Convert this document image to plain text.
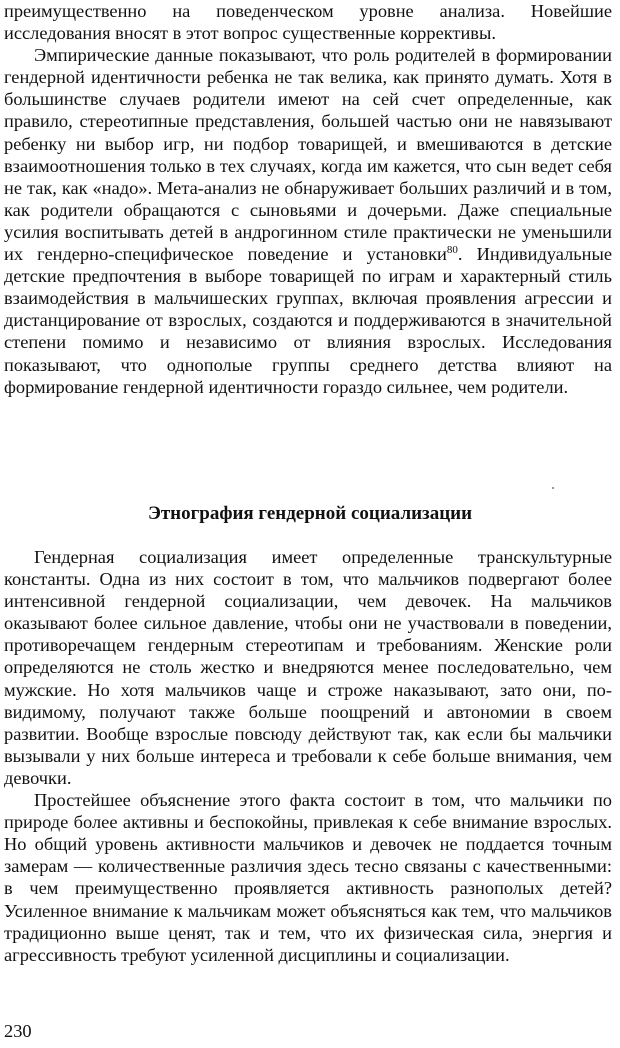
преимущественно на поведенческом уровне анализа. Новейшие исследования вносят в этот вопрос существенные коррективы.

Эмпирические данные показывают, что роль родителей в формировании гендерной идентичности ребенка не так велика, как принято думать. Хотя в большинстве случаев родители имеют на сей счет определенные, как правило, стереотипные представления, большей частью они не навязывают ребенку ни выбор игр, ни подбор товарищей, и вмешиваются в детские взаимоотношения только в тех случаях, когда им кажется, что сын ведет себя не так, как «надо». Мета-анализ не обнаруживает больших различий и в том, как родители обращаются с сыновьями и дочерьми. Даже специальные усилия воспитывать детей в андрогинном стиле практически не уменьшили их гендерно-специфическое поведение и установки$^{80}$. Индивидуальные детские предпочтения в выборе товарищей по играм и характерный стиль взаимодействия в мальчишеских группах, включая проявления агрессии и дистанцирование от взрослых, создаются и поддерживаются в значительной степени помимо и независимо от влияния взрослых. Исследования показывают, что однополые группы среднего детства влияют на формирование гендерной идентичности гораздо сильнее, чем родители.

Этнография гендерной социализации

Гендерная социализация имеет определенные транскультурные константы. Одна из них состоит в том, что мальчиков подвергают более интенсивной гендерной социализации, чем девочек. На мальчиков оказывают более сильное давление, чтобы они не участвовали в поведении, противоречащем гендерным стереотипам и требованиям. Женские роли определяются не столь жестко и внедряются менее последовательно, чем мужские. Но хотя мальчиков чаще и строже наказывают, зато они, по-видимому, получают также больше поощрений и автономии в своем развитии. Вообще взрослые повсюду действуют так, как если бы мальчики вызывали у них больше интереса и требовали к себе больше внимания, чем девочки.

Простейшее объяснение этого факта состоит в том, что мальчики по природе более активны и беспокойны, привлекая к себе внимание взрослых. Но общий уровень активности мальчиков и девочек не поддается точным замерам — количественные различия здесь тесно связаны с качественными: в чем преимущественно проявляется активность разнополых детей? Усиленное внимание к мальчикам может объясняться как тем, что мальчиков традиционно выше ценят, так и тем, что их физическая сила, энергия и агрессивность требуют усиленной дисциплины и социализации.

230
